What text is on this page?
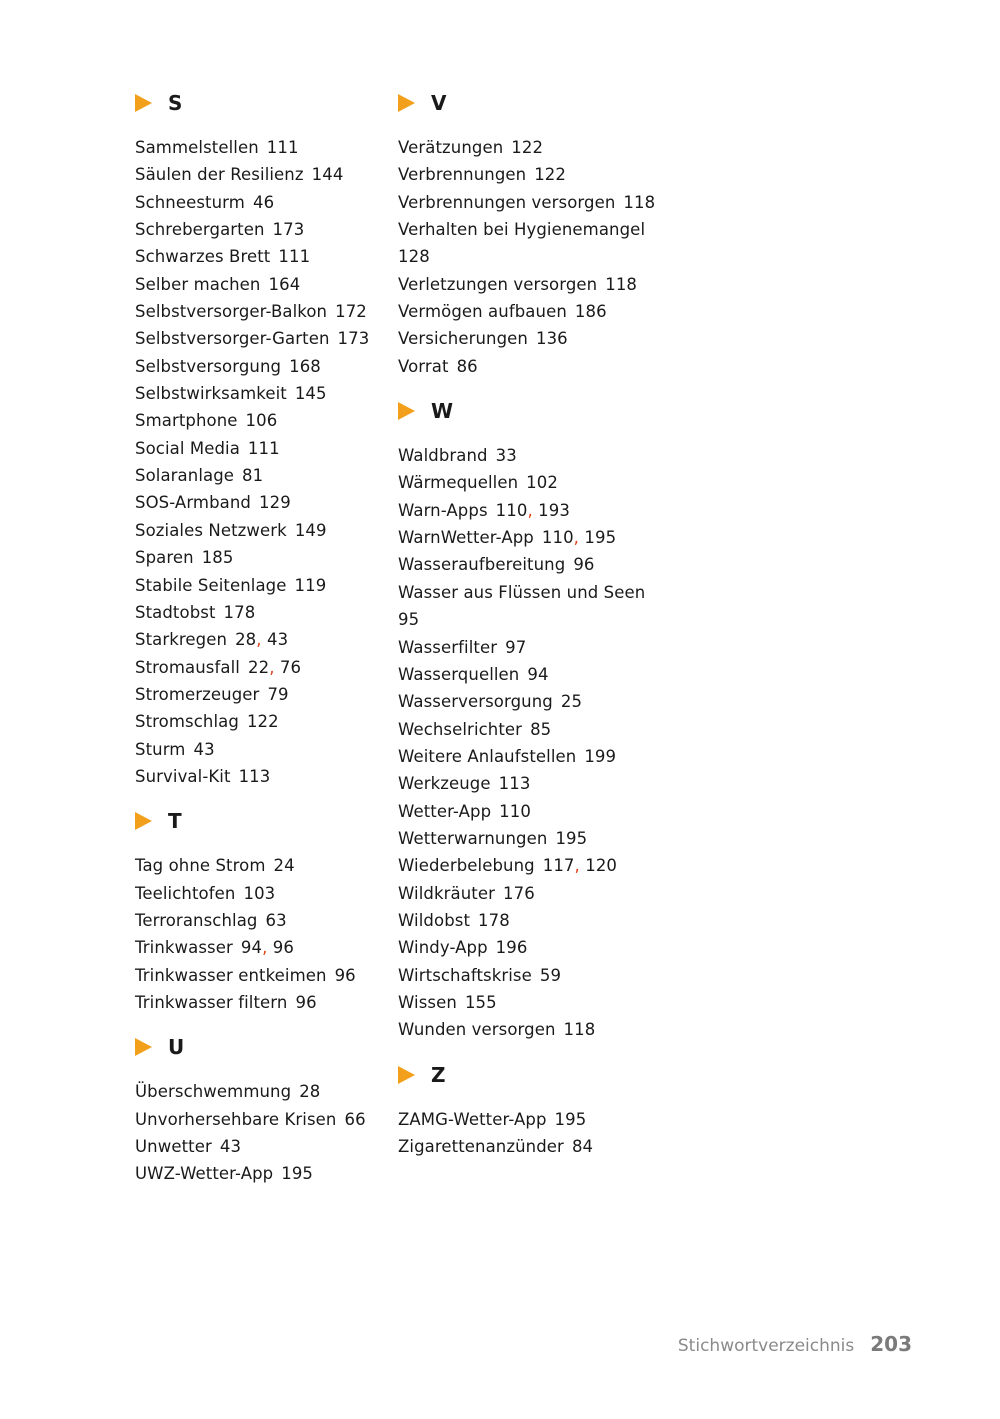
S
Sammelstellen 111
Säulen der Resilienz 144
Schneesturm 46
Schrebergarten 173
Schwarzes Brett 111
Selber machen 164
Selbstversorger-Balkon 172
Selbstversorger-Garten 173
Selbstversorgung 168
Selbstwirksamkeit 145
Smartphone 106
Social Media 111
Solaranlage 81
SOS-Armband 129
Soziales Netzwerk 149
Sparen 185
Stabile Seitenlage 119
Stadtobst 178
Starkregen 28, 43
Stromausfall 22, 76
Stromerzeuger 79
Stromschlag 122
Sturm 43
Survival-Kit 113
T
Tag ohne Strom 24
Teelichtofen 103
Terroranschlag 63
Trinkwasser 94, 96
Trinkwasser entkeimen 96
Trinkwasser filtern 96
U
Überschwemmung 28
Unvorhersehbare Krisen 66
Unwetter 43
UWZ-Wetter-App 195
V
Verätzungen 122
Verbrennungen 122
Verbrennungen versorgen 118
Verhalten bei Hygienemangel
128
Verletzungen versorgen 118
Vermögen aufbauen 186
Versicherungen 136
Vorrat 86
W
Waldbrand 33
Wärmequellen 102
Warn-Apps 110, 193
WarnWetter-App 110, 195
Wasseraufbereitung 96
Wasser aus Flüssen und Seen
95
Wasserfilter 97
Wasserquellen 94
Wasserversorgung 25
Wechselrichter 85
Weitere Anlaufstellen 199
Werkzeuge 113
Wetter-App 110
Wetterwarnungen 195
Wiederbelebung 117, 120
Wildkräuter 176
Wildobst 178
Windy-App 196
Wirtschaftskrise 59
Wissen 155
Wunden versorgen 118
Z
ZAMG-Wetter-App 195
Zigarettenanzünder 84
Stichwortverzeichnis 203
